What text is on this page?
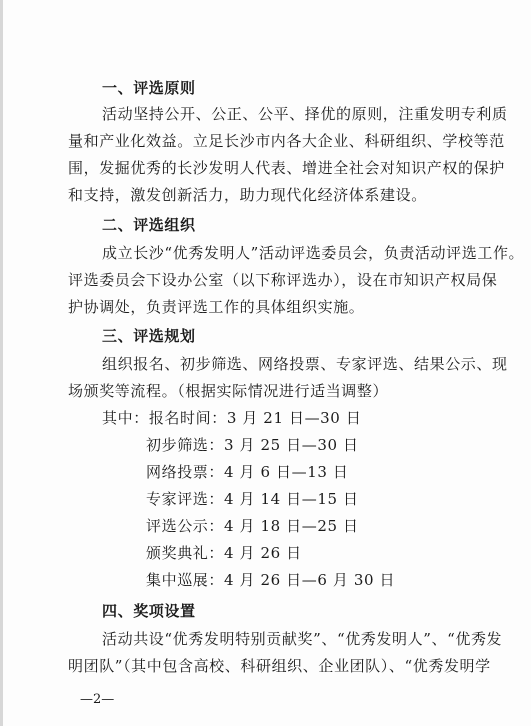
一、评选原则
活动坚持公开、公正、公平、择优的原则，注重发明专利质
量和产业化效益。立足长沙市内各大企业、科研组织、学校等范
围，发掘优秀的长沙发明人代表、增进全社会对知识产权的保护
和支持，激发创新活力，助力现代化经济体系建设。
二、评选组织
成立长沙“优秀发明人”活动评选委员会，负责活动评选工作。
评选委员会下设办公室（以下称评选办），设在市知识产权局保
护协调处，负责评选工作的具体组织实施。
三、评选规划
组织报名、初步筛选、网络投票、专家评选、结果公示、现
场颁奖等流程。（根据实际情况进行适当调整）
其中：报名时间：3 月 21 日—30 日
初步筛选：3 月 25 日—30 日
网络投票：4 月 6 日—13 日
专家评选：4 月 14 日—15 日
评选公示：4 月 18 日—25 日
颁奖典礼：4 月 26 日
集中巡展：4 月 26 日—6 月 30 日
四、奖项设置
活动共设“优秀发明特别贡献奖”、“优秀发明人”、“优秀发
明团队”（其中包含高校、科研组织、企业团队）、“优秀发明学
—2—
